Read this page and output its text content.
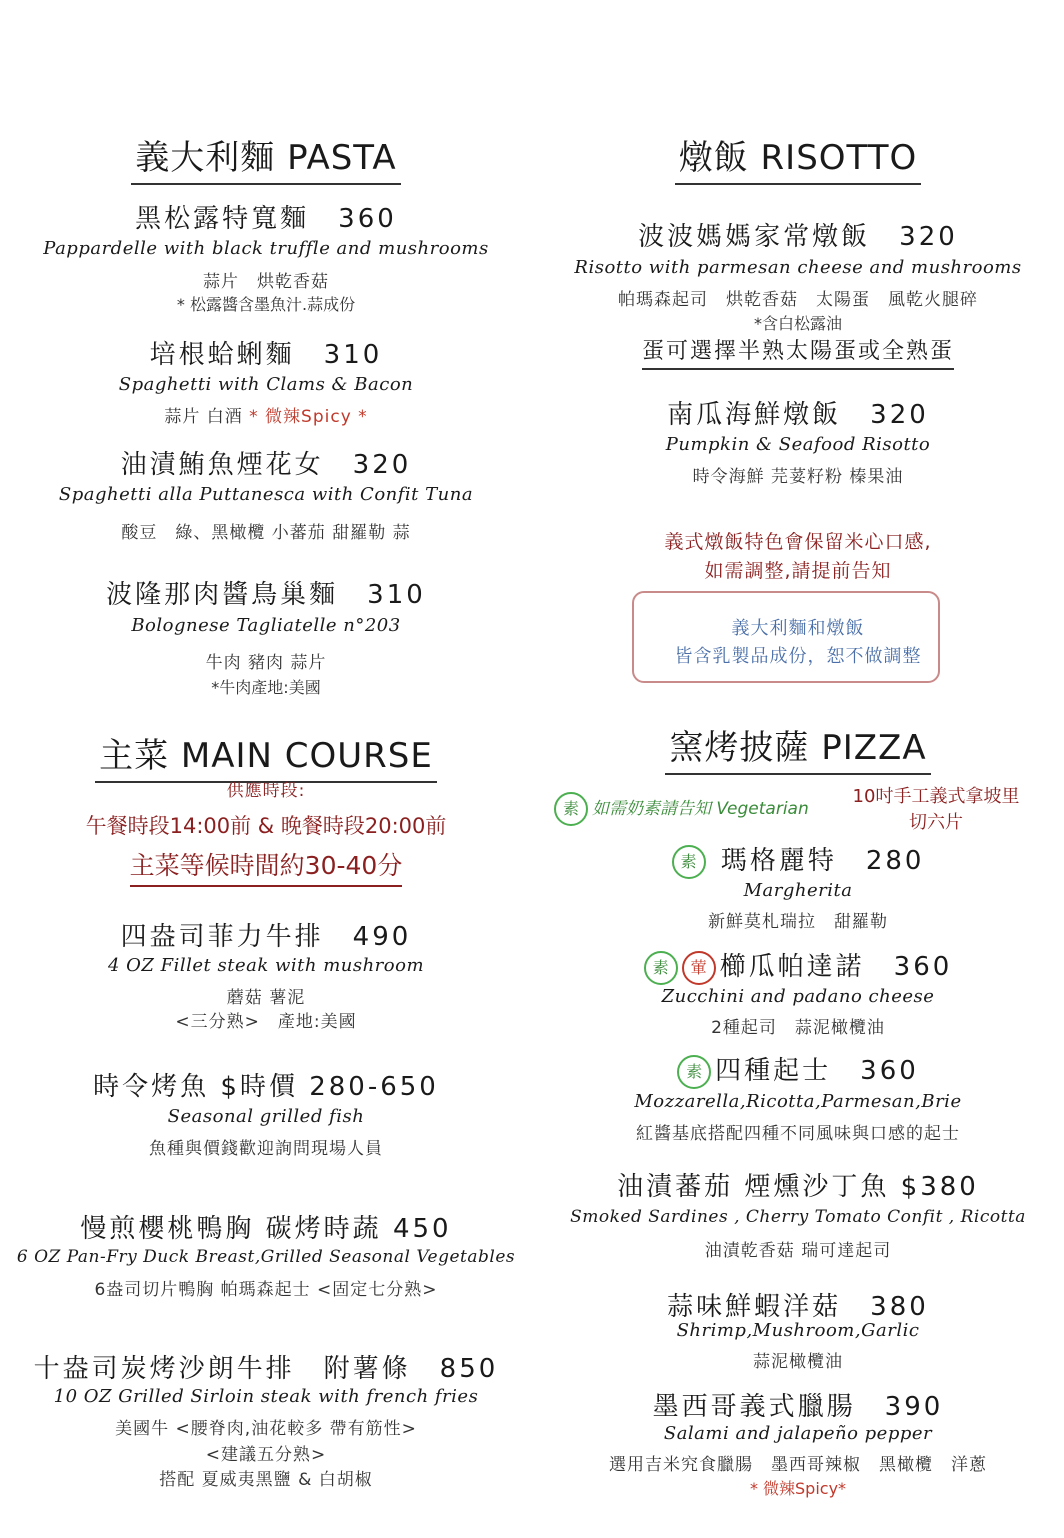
義大利麵 PASTA
黑松露特寬麵　360
Pappardelle with black truffle and mushrooms
蒜片　烘乾香菇
* 松露醬含墨魚汁.蒜成份
培根蛤蜊麵　310
Spaghetti with Clams & Bacon
蒜片 白酒 * 微辣Spicy *
油漬鮪魚煙花女　320
Spaghetti alla Puttanesca with Confit Tuna
酸豆　綠、黑橄欖 小蕃茄 甜羅勒 蒜
波隆那肉醬鳥巢麵　310
Bolognese Tagliatelle n°203
牛肉 豬肉 蒜片
*牛肉產地:美國
主菜 MAIN COURSE
供應時段:
午餐時段14:00前 & 晚餐時段20:00前
主菜等候時間約30-40分
四盎司菲力牛排　490
4 OZ Fillet steak with mushroom
蘑菇 薯泥
<三分熟>　產地:美國
時令烤魚 $時價 280-650
Seasonal grilled fish
魚種與價錢歡迎詢問現場人員
慢煎櫻桃鴨胸 碳烤時蔬 450
6 OZ Pan-Fry Duck Breast,Grilled Seasonal Vegetables
6盎司切片鴨胸 帕瑪森起士 <固定七分熟>
十盎司炭烤沙朗牛排　附薯條　850
10 OZ Grilled Sirloin steak with french fries
美國牛 <腰脊肉,油花較多 帶有筋性>
<建議五分熟>
搭配 夏威夷黑鹽 & 白胡椒
燉飯 RISOTTO
波波媽媽家常燉飯　320
Risotto with parmesan cheese and mushrooms
帕瑪森起司　烘乾香菇　太陽蛋　風乾火腿碎
*含白松露油
蛋可選擇半熟太陽蛋或全熟蛋
南瓜海鮮燉飯　320
Pumpkin & Seafood Risotto
時令海鮮 芫荽籽粉 榛果油
義式燉飯特色會保留米心口感,
如需調整,請提前告知
義大利麵和燉飯
皆含乳製品成份，恕不做調整
窯烤披薩 PIZZA
素 如需奶素請告知 Vegetarian
10吋手工義式拿坡里
切六片
素 瑪格麗特　280
Margherita
新鮮莫札瑞拉　甜羅勒
素 葷 櫛瓜帕達諾　360
Zucchini and padano cheese
2種起司　蒜泥橄欖油
素 四種起士　360
Mozzarella,Ricotta,Parmesan,Brie
紅醬基底搭配四種不同風味與口感的起士
油漬蕃茄 煙燻沙丁魚 $380
Smoked Sardines , Cherry Tomato Confit , Ricotta
油漬乾香菇 瑞可達起司
蒜味鮮蝦洋菇　380
Shrimp,Mushroom,Garlic
蒜泥橄欖油
墨西哥義式臘腸　390
Salami and jalapeño pepper
選用吉米究食臘腸　墨西哥辣椒　黑橄欖　洋蔥
* 微辣Spicy*
